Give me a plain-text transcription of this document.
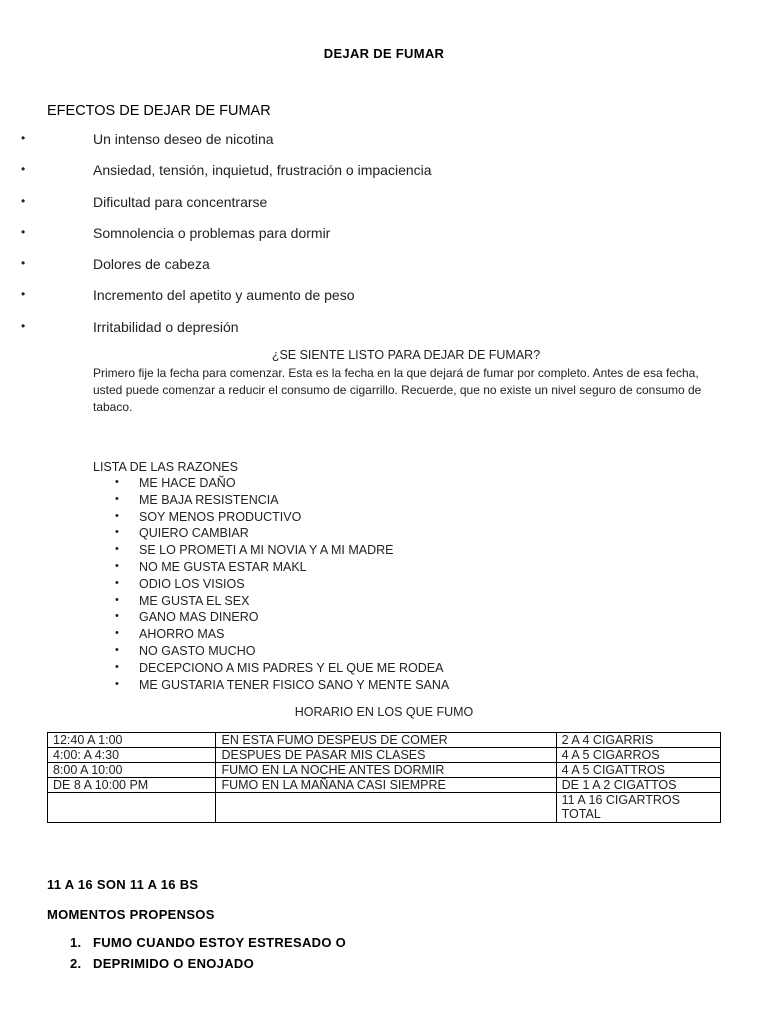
DEJAR DE FUMAR
EFECTOS DE DEJAR DE FUMAR
•	Un intenso deseo de nicotina
•	Ansiedad, tensión, inquietud, frustración o impaciencia
•	Dificultad para concentrarse
•	Somnolencia o problemas para dormir
•	Dolores de cabeza
•	Incremento del apetito y aumento de peso
•	Irritabilidad o depresión
¿SE SIENTE LISTO PARA DEJAR DE FUMAR?
Primero fije la fecha para comenzar. Esta es la fecha en la que dejará de fumar por completo. Antes de esa fecha, usted puede comenzar a reducir el consumo de cigarrillo. Recuerde, que no existe un nivel seguro de consumo de tabaco.
LISTA DE LAS RAZONES
• ME HACE DAÑO
• ME BAJA RESISTENCIA
• SOY MENOS PRODUCTIVO
• QUIERO CAMBIAR
• SE LO PROMETI A MI NOVIA Y A MI MADRE
• NO ME GUSTA ESTAR MAKL
• ODIO LOS VISIOS
• ME GUSTA EL SEX
• GANO MAS DINERO
• AHORRO MAS
• NO GASTO MUCHO
• DECEPCIONO A MIS PADRES Y EL QUE ME RODEA
• ME GUSTARIA TENER FISICO SANO Y MENTE SANA
HORARIO EN LOS QUE FUMO
12:40 A 1:00	EN ESTA FUMO DESPEUS DE COMER	2 A 4 CIGARRIS
4:00: A 4:30	DESPUES DE PASAR MIS CLASES	4 A 5 CIGARROS
8:00 A 10:00	FUMO EN LA NOCHE ANTES DORMIR	4 A 5 CIGATTROS
DE 8 A 10:00 PM	FUMO EN LA MAÑANA CASI SIEMPRE	DE 1 A 2 CIGATTOS
		11 A 16 CIGARTROS TOTAL
11 A 16 SON 11 A 16 BS
MOMENTOS PROPENSOS
1. FUMO CUANDO ESTOY ESTRESADO O
2. DEPRIMIDO O ENOJADO
